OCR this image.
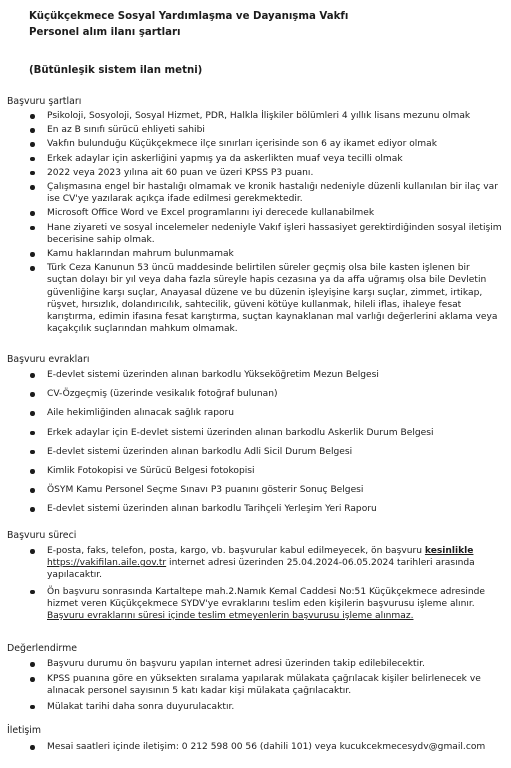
Küçükçekmece Sosyal Yardımlaşma ve Dayanışma Vakfı
Personel alım ilanı şartları
(Bütünleşik sistem ilan metni)
Başvuru şartları
Psikoloji, Sosyoloji, Sosyal Hizmet, PDR, Halkla İlişkiler bölümleri 4 yıllık lisans mezunu olmak
En az B sınıfı sürücü ehliyeti sahibi
Vakfın bulunduğu Küçükçekmece ilçe sınırları içerisinde son 6 ay ikamet ediyor olmak
Erkek adaylar için askerliğini yapmış ya da askerlikten muaf veya tecilli olmak
2022 veya 2023 yılına ait 60 puan ve üzeri KPSS P3 puanı.
Çalışmasına engel bir hastalığı olmamak ve kronik hastalığı nedeniyle düzenli kullanılan bir ilaç var ise CV'ye yazılarak açıkça ifade edilmesi gerekmektedir.
Microsoft Office Word ve Excel programlarını iyi derecede kullanabilmek
Hane ziyareti ve sosyal incelemeler nedeniyle Vakıf işleri hassasiyet gerektirdiğinden sosyal iletişim becerisine sahip olmak.
Kamu haklarından mahrum bulunmamak
Türk Ceza Kanunun 53 üncü maddesinde belirtilen süreler geçmiş olsa bile kasten işlenen bir suçtan dolayı bir yıl veya daha fazla süreyle hapis cezasına ya da affa uğramış olsa bile Devletin güvenliğine karşı suçlar, Anayasal düzene ve bu düzenin işleyişine karşı suçlar, zimmet, irtikap, rüşvet, hırsızlık, dolandırıcılık, sahtecilik, güveni kötüye kullanmak, hileli iflas, ihaleye fesat karıştırma, edimin ifasına fesat karıştırma, suçtan kaynaklanan mal varlığı değerlerini aklama veya kaçakçılık suçlarından mahkum olmamak.
Başvuru evrakları
E-devlet sistemi üzerinden alınan barkodlu Yükseköğretim Mezun Belgesi
CV-Özgeçmiş (üzerinde vesikalık fotoğraf bulunan)
Aile hekimliğinden alınacak sağlık raporu
Erkek adaylar için E-devlet sistemi üzerinden alınan barkodlu Askerlik Durum Belgesi
E-devlet sistemi üzerinden alınan barkodlu Adli Sicil Durum Belgesi
Kimlik Fotokopisi ve Sürücü Belgesi fotokopisi
ÖSYM Kamu Personel Seçme Sınavı P3 puanını gösterir Sonuç Belgesi
E-devlet sistemi üzerinden alınan barkodlu Tarihçeli Yerleşim Yeri Raporu
Başvuru süreci
E-posta, faks, telefon, posta, kargo, vb. başvurular kabul edilmeyecek, ön başvuru kesinlikle https://vakifilan.aile.gov.tr internet adresi üzerinden 25.04.2024-06.05.2024 tarihleri arasında yapılacaktır.
Ön başvuru sonrasında Kartaltepe mah.2.Namık Kemal Caddesi No:51 Küçükçekmece adresinde hizmet veren Küçükçekmece SYDV'ye evraklarını teslim eden kişilerin başvurusu işleme alınır. Başvuru evraklarını süresi içinde teslim etmeyenlerin başvurusu işleme alınmaz.
Değerlendirme
Başvuru durumu ön başvuru yapılan internet adresi üzerinden takip edilebilecektir.
KPSS puanına göre en yüksekten sıralama yapılarak mülakata çağrılacak kişiler belirlenecek ve alınacak personel sayısının 5 katı kadar kişi mülakata çağrılacaktır.
Mülakat tarihi daha sonra duyurulacaktır.
İletişim
Mesai saatleri içinde iletişim: 0 212 598 00 56 (dahili 101) veya kucukcekmecesydv@gmail.com
